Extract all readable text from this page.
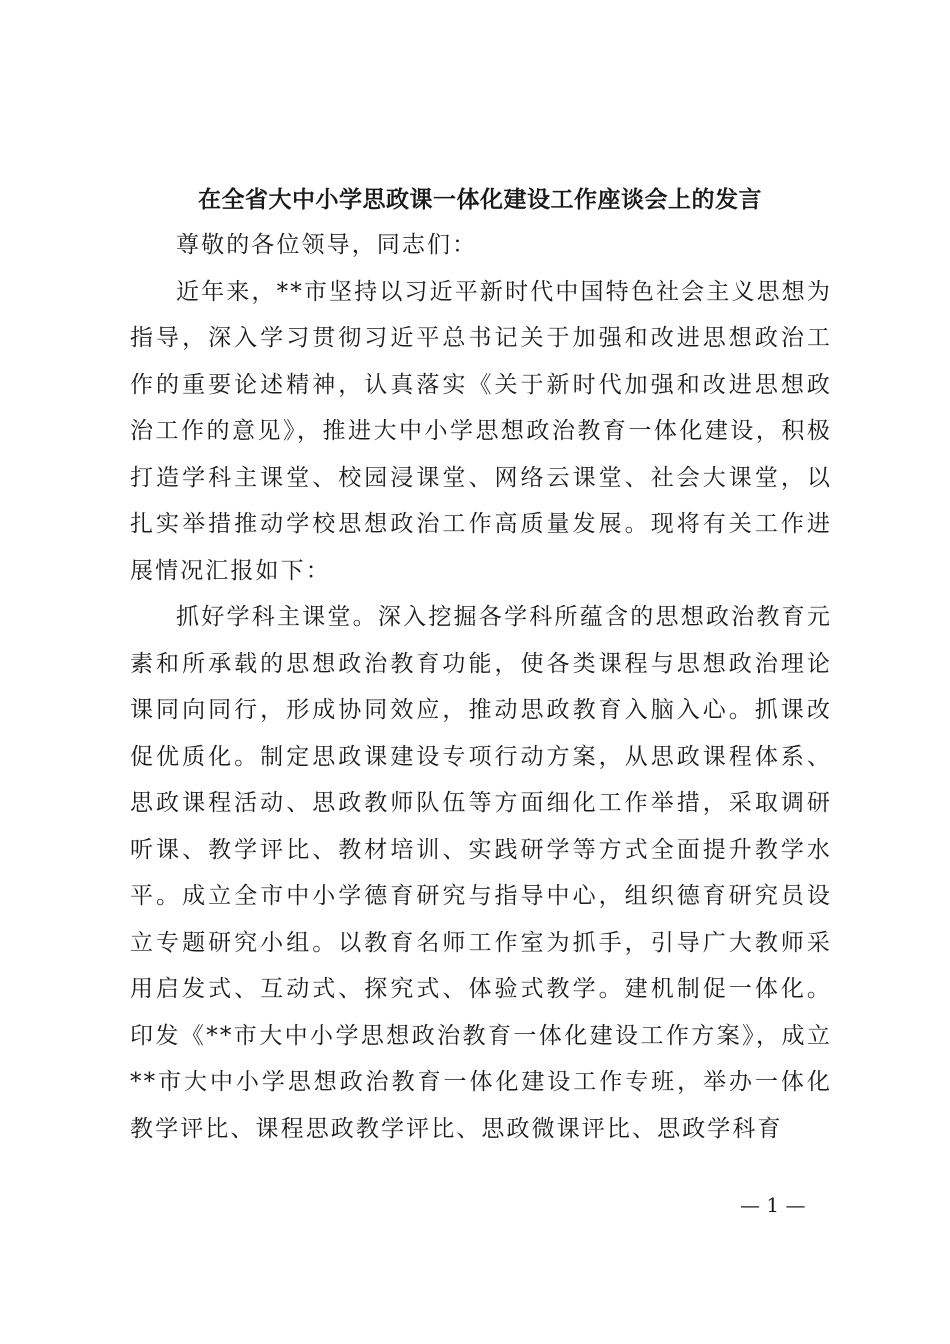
在全省大中小学思政课一体化建设工作座谈会上的发言

尊敬的各位领导，同志们：

近年来，**市坚持以习近平新时代中国特色社会主义思想为指导，深入学习贯彻习近平总书记关于加强和改进思想政治工作的重要论述精神，认真落实《关于新时代加强和改进思想政治工作的意见》，推进大中小学思想政治教育一体化建设，积极打造学科主课堂、校园浸课堂、网络云课堂、社会大课堂，以扎实举措推动学校思想政治工作高质量发展。现将有关工作进展情况汇报如下：

抓好学科主课堂。深入挖掘各学科所蕴含的思想政治教育元素和所承载的思想政治教育功能，使各类课程与思想政治理论课同向同行，形成协同效应，推动思政教育入脑入心。抓课改促优质化。制定思政课建设专项行动方案，从思政课程体系、思政课程活动、思政教师队伍等方面细化工作举措，采取调研听课、教学评比、教材培训、实践研学等方式全面提升教学水平。成立全市中小学德育研究与指导中心，组织德育研究员设立专题研究小组。以教育名师工作室为抓手，引导广大教师采用启发式、互动式、探究式、体验式教学。建机制促一体化。印发《**市大中小学思想政治教育一体化建设工作方案》，成立**市大中小学思想政治教育一体化建设工作专班，举办一体化教学评比、课程思政教学评比、思政微课评比、思政学科育

— 1 —
